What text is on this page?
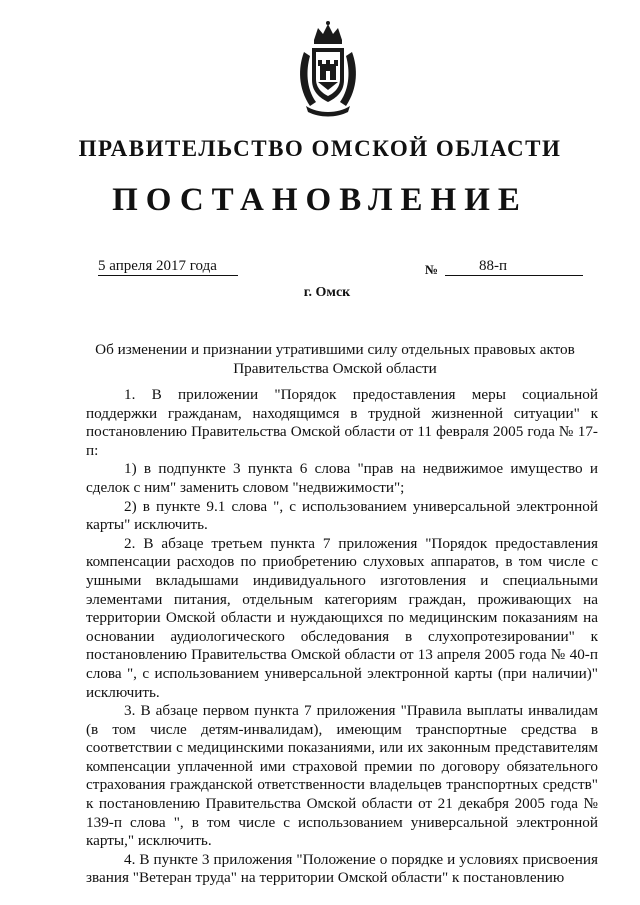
ПРАВИТЕЛЬСТВО ОМСКОЙ ОБЛАСТИ
ПОСТАНОВЛЕНИЕ
5 апреля 2017 года	№	88-п
г. Омск
Об изменении и признании утратившими силу отдельных правовых актов Правительства Омской области

1. В приложении "Порядок предоставления меры социальной поддержки гражданам, находящимся в трудной жизненной ситуации" к постановлению Правительства Омской области от 11 февраля 2005 года № 17-п:

1) в подпункте 3 пункта 6 слова "прав на недвижимое имущество и сделок с ним" заменить словом "недвижимости";

2) в пункте 9.1 слова ", с использованием универсальной электронной карты" исключить.

2. В абзаце третьем пункта 7 приложения "Порядок предоставления компенсации расходов по приобретению слуховых аппаратов, в том числе с ушными вкладышами индивидуального изготовления и специальными элементами питания, отдельным категориям граждан, проживающих на территории Омской области и нуждающихся по медицинским показаниям на основании аудиологического обследования в слухопротезировании" к постановлению Правительства Омской области от 13 апреля 2005 года № 40-п слова ", с использованием универсальной электронной карты (при наличии)" исключить.

3. В абзаце первом пункта 7 приложения "Правила выплаты инвалидам (в том числе детям-инвалидам), имеющим транспортные средства в соответствии с медицинскими показаниями, или их законным представителям компенсации уплаченной ими страховой премии по договору обязательного страхования гражданской ответственности владельцев транспортных средств" к постановлению Правительства Омской области от 21 декабря 2005 года № 139-п слова ", в том числе с использованием универсальной электронной карты," исключить.

4. В пункте 3 приложения "Положение о порядке и условиях присвоения звания "Ветеран труда" на территории Омской области" к постановлению
